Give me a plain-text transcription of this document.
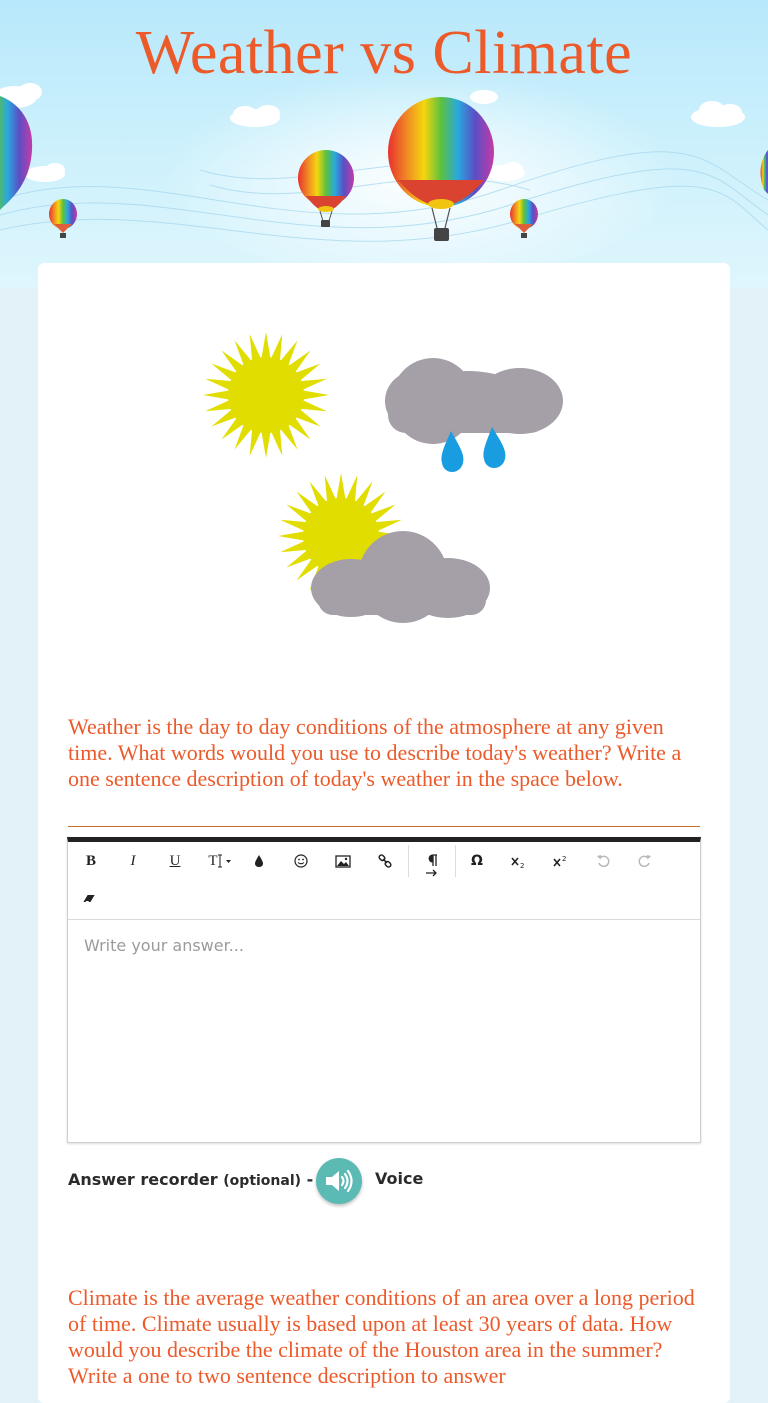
Weather vs Climate

Weather is the day to day conditions of the atmosphere at any given time. What words would you use to describe today's weather? Write a one sentence description of today's weather in the space below.

B	I	U	T	Ω	2
2
Write your answer...
Answer recorder (optional) -	Voice

Climate is the average weather conditions of an area over a long period of time. Climate usually is based upon at least 30 years of data. How would you describe the climate of the Houston area in the summer? Write a one to two sentence description to answer
